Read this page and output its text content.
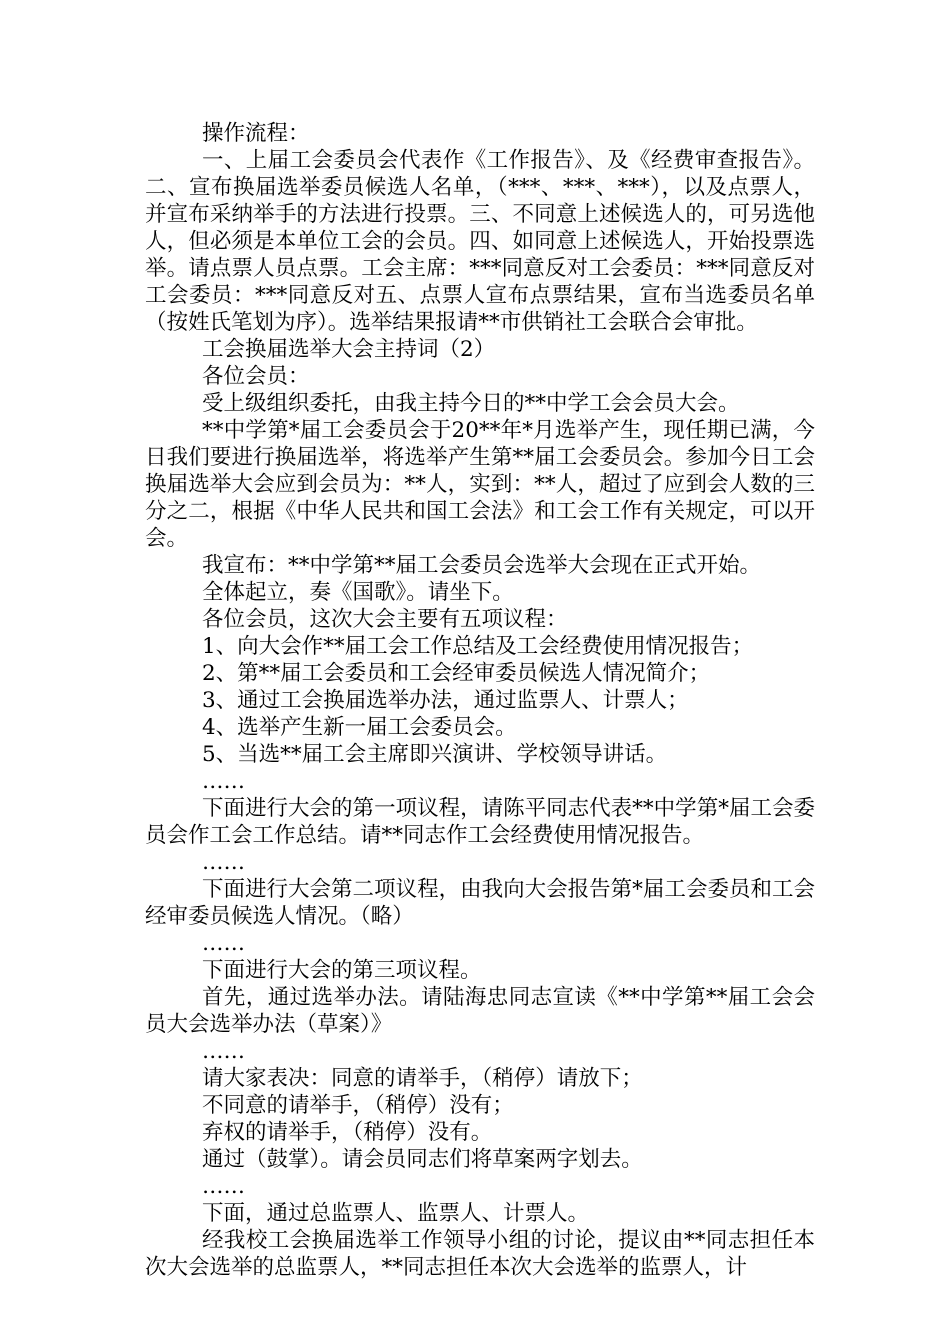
操作流程：

一、上届工会委员会代表作《工作报告》、及《经费审查报告》。二、宣布换届选举委员候选人名单，（***、***、***），以及点票人，并宣布采纳举手的方法进行投票。三、不同意上述候选人的，可另选他人，但必须是本单位工会的会员。四、如同意上述候选人，开始投票选举。请点票人员点票。工会主席：***同意反对工会委员：***同意反对工会委员：***同意反对五、点票人宣布点票结果，宣布当选委员名单（按姓氏笔划为序）。选举结果报请**市供销社工会联合会审批。

工会换届选举大会主持词（2）

各位会员：

受上级组织委托，由我主持今日的**中学工会会员大会。

**中学第*届工会委员会于20**年*月选举产生，现任期已满，今日我们要进行换届选举，将选举产生第**届工会委员会。参加今日工会换届选举大会应到会员为：**人，实到：**人，超过了应到会人数的三分之二，根据《中华人民共和国工会法》和工会工作有关规定，可以开会。

我宣布：**中学第**届工会委员会选举大会现在正式开始。

全体起立，奏《国歌》。请坐下。

各位会员，这次大会主要有五项议程：

1、向大会作**届工会工作总结及工会经费使用情况报告；

2、第**届工会委员和工会经审委员候选人情况简介；

3、通过工会换届选举办法，通过监票人、计票人；

4、选举产生新一届工会委员会。

5、当选**届工会主席即兴演讲、学校领导讲话。

……

下面进行大会的第一项议程，请陈平同志代表**中学第*届工会委员会作工会工作总结。请**同志作工会经费使用情况报告。

……

下面进行大会第二项议程，由我向大会报告第*届工会委员和工会经审委员候选人情况。（略）

……

下面进行大会的第三项议程。

首先，通过选举办法。请陆海忠同志宣读《**中学第**届工会会员大会选举办法（草案）》

……

请大家表决：同意的请举手，（稍停）请放下；

不同意的请举手，（稍停）没有；

弃权的请举手，（稍停）没有。

通过（鼓掌）。请会员同志们将草案两字划去。

……

下面，通过总监票人、监票人、计票人。

经我校工会换届选举工作领导小组的讨论，提议由**同志担任本次大会选举的总监票人，**同志担任本次大会选举的监票人，计
